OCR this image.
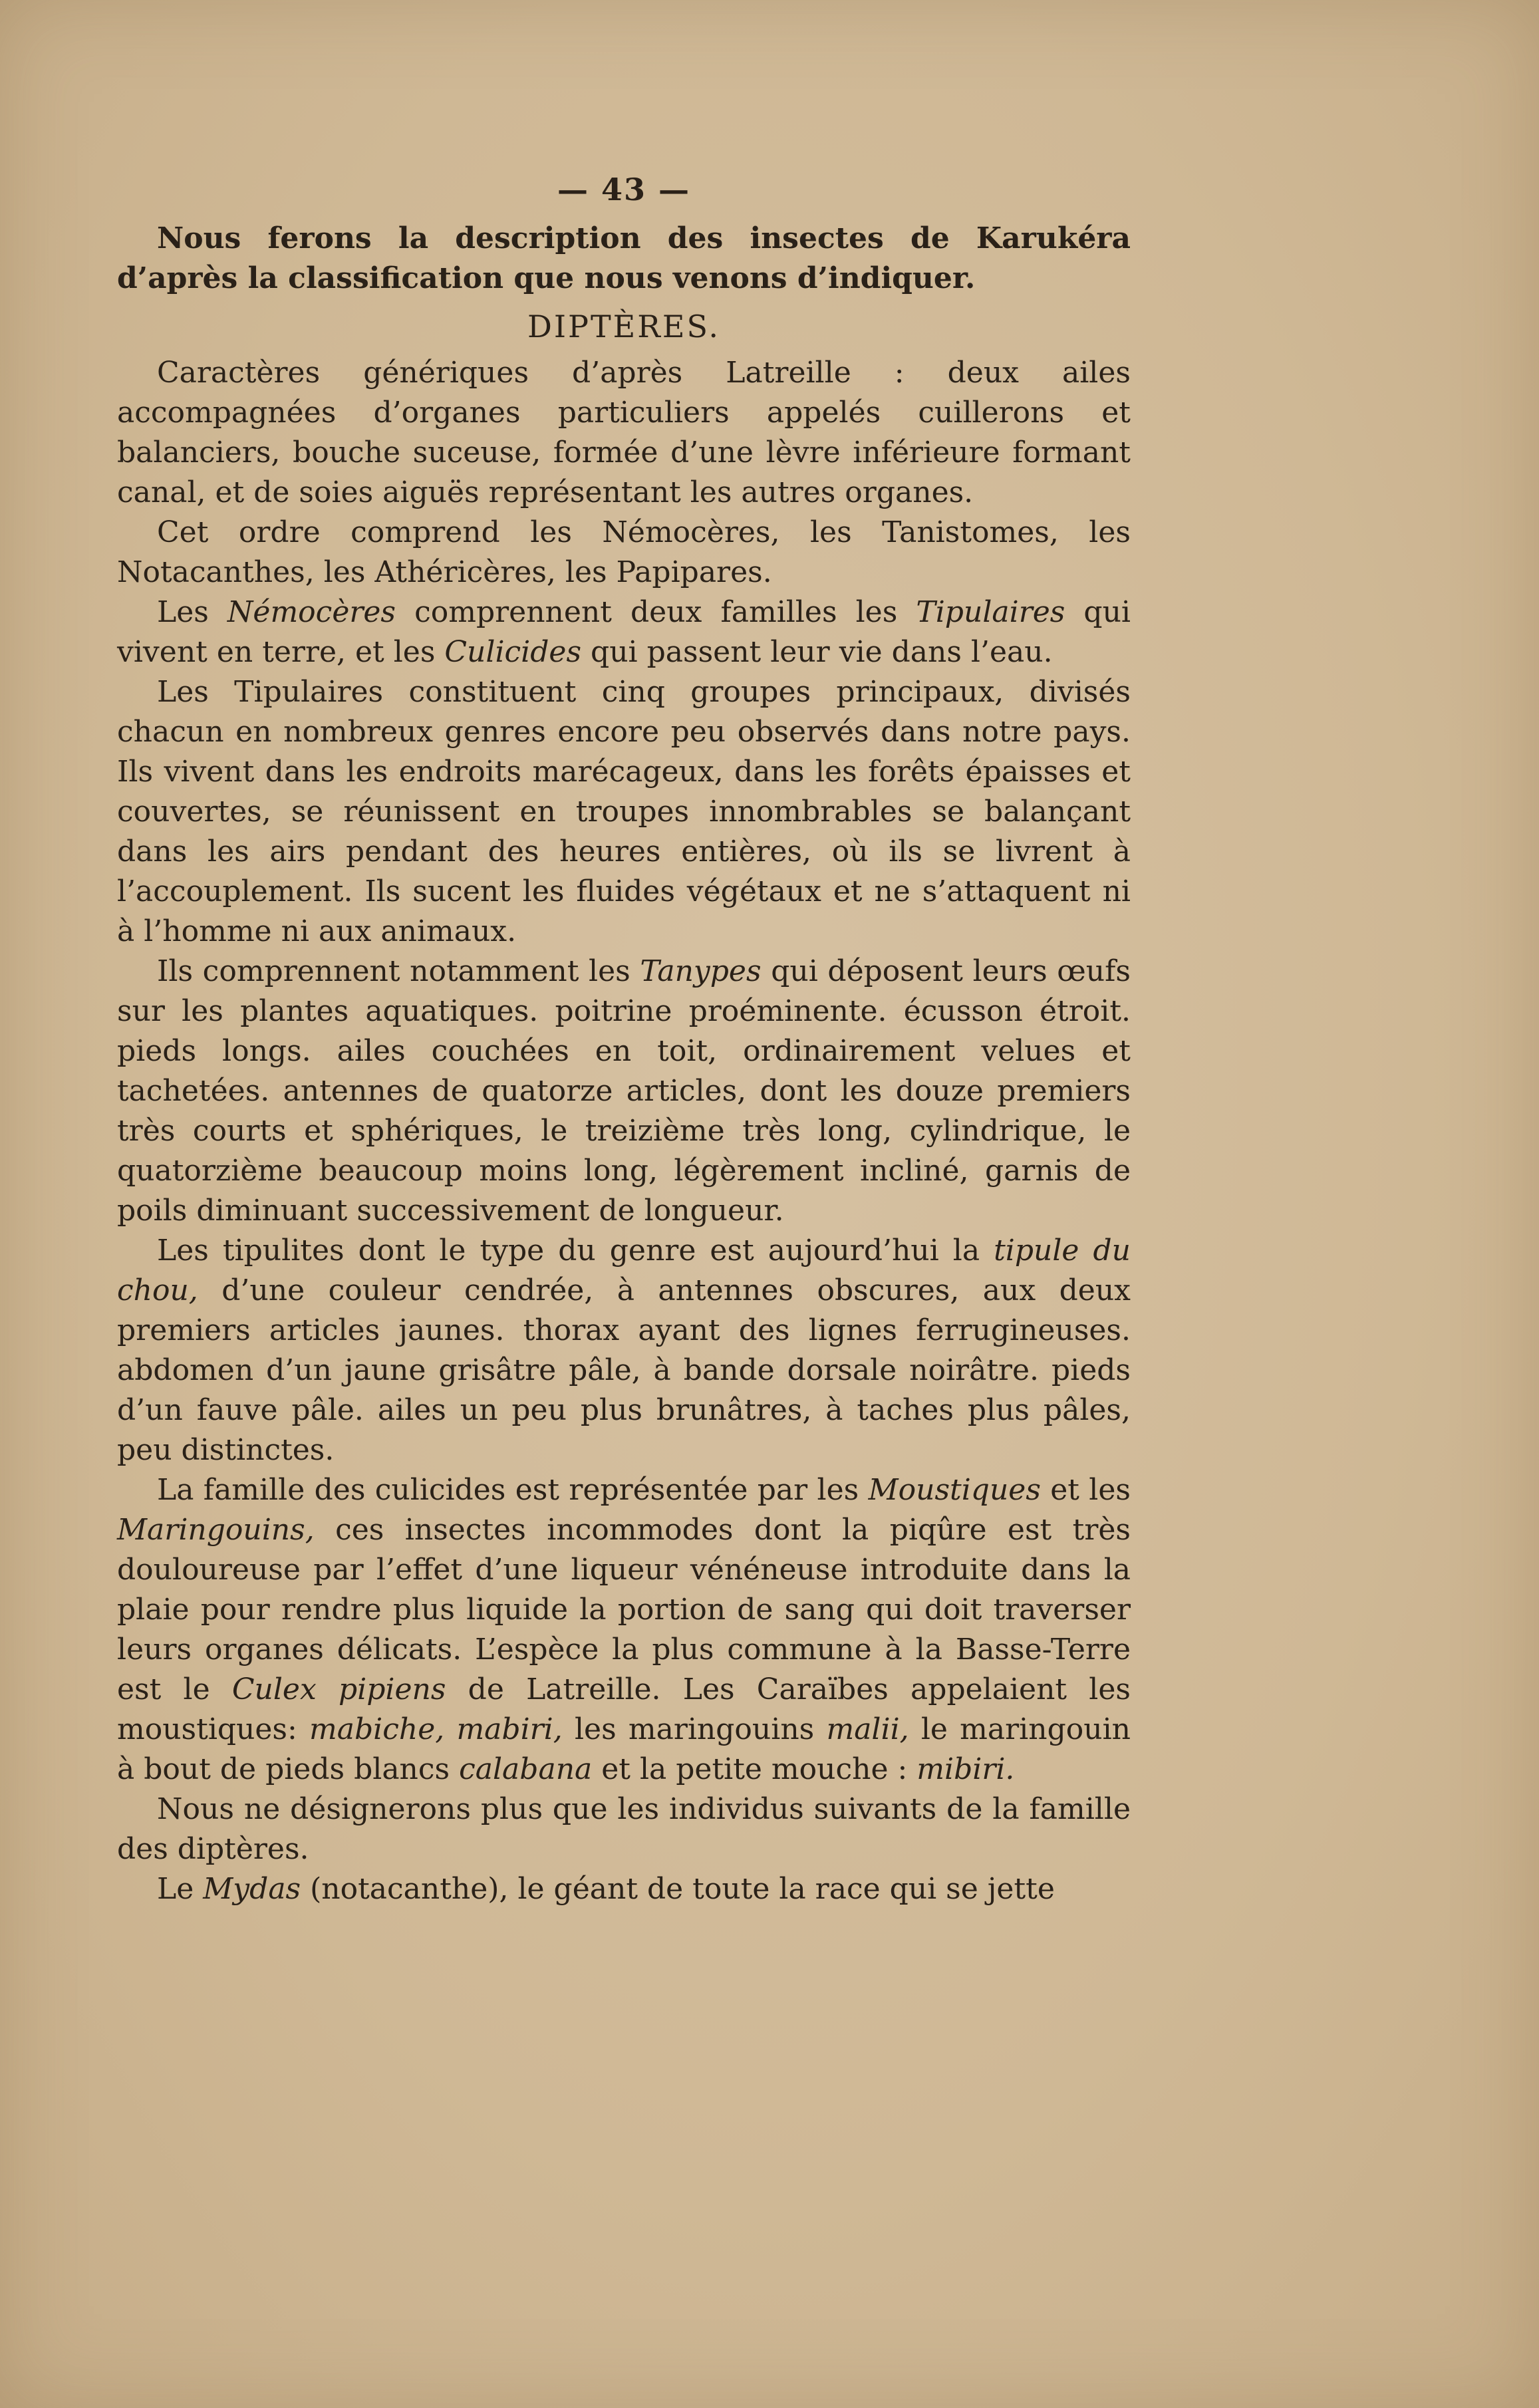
— 43 —

Nous ferons la description des insectes de Karukéra d’après la classification que nous venons d’indiquer.

DIPTÈRES.

Caractères génériques d’après Latreille : deux ailes accompagnées d’organes particuliers appelés cuillerons et balanciers, bouche suceuse, formée d’une lèvre inférieure formant canal, et de soies aiguës représentant les autres organes.

Cet ordre comprend les Némocères, les Tanistomes, les Notacanthes, les Athéricères, les Papipares.

Les Némocères comprennent deux familles les Tipulaires qui vivent en terre, et les Culicides qui passent leur vie dans l’eau.

Les Tipulaires constituent cinq groupes principaux, divisés chacun en nombreux genres encore peu observés dans notre pays. Ils vivent dans les endroits marécageux, dans les forêts épaisses et couvertes, se réunissent en troupes innombrables se balançant dans les airs pendant des heures entières, où ils se livrent à l’accouplement. Ils sucent les fluides végétaux et ne s’attaquent ni à l’homme ni aux animaux.

Ils comprennent notamment les Tanypes qui déposent leurs œufs sur les plantes aquatiques. poitrine proéminente. écusson étroit. pieds longs. ailes couchées en toit, ordinairement velues et tachetées. antennes de quatorze articles, dont les douze premiers très courts et sphériques, le treizième très long, cylindrique, le quatorzième beaucoup moins long, légèrement incliné, garnis de poils diminuant successivement de longueur.

Les tipulites dont le type du genre est aujourd’hui la tipule du chou, d’une couleur cendrée, à antennes obscures, aux deux premiers articles jaunes. thorax ayant des lignes ferrugineuses. abdomen d’un jaune grisâtre pâle, à bande dorsale noirâtre. pieds d’un fauve pâle. ailes un peu plus brunâtres, à taches plus pâles, peu distinctes.

La famille des culicides est représentée par les Moustiques et les Maringouins, ces insectes incommodes dont la piqûre est très douloureuse par l’effet d’une liqueur vénéneuse introduite dans la plaie pour rendre plus liquide la portion de sang qui doit traverser leurs organes délicats. L’espèce la plus commune à la Basse-Terre est le Culex pipiens de Latreille. Les Caraïbes appelaient les moustiques: mabiche, mabiri, les maringouins malii, le maringouin à bout de pieds blancs calabana et la petite mouche : mibiri.

Nous ne désignerons plus que les individus suivants de la famille des diptères.

Le Mydas (notacanthe), le géant de toute la race qui se jette
